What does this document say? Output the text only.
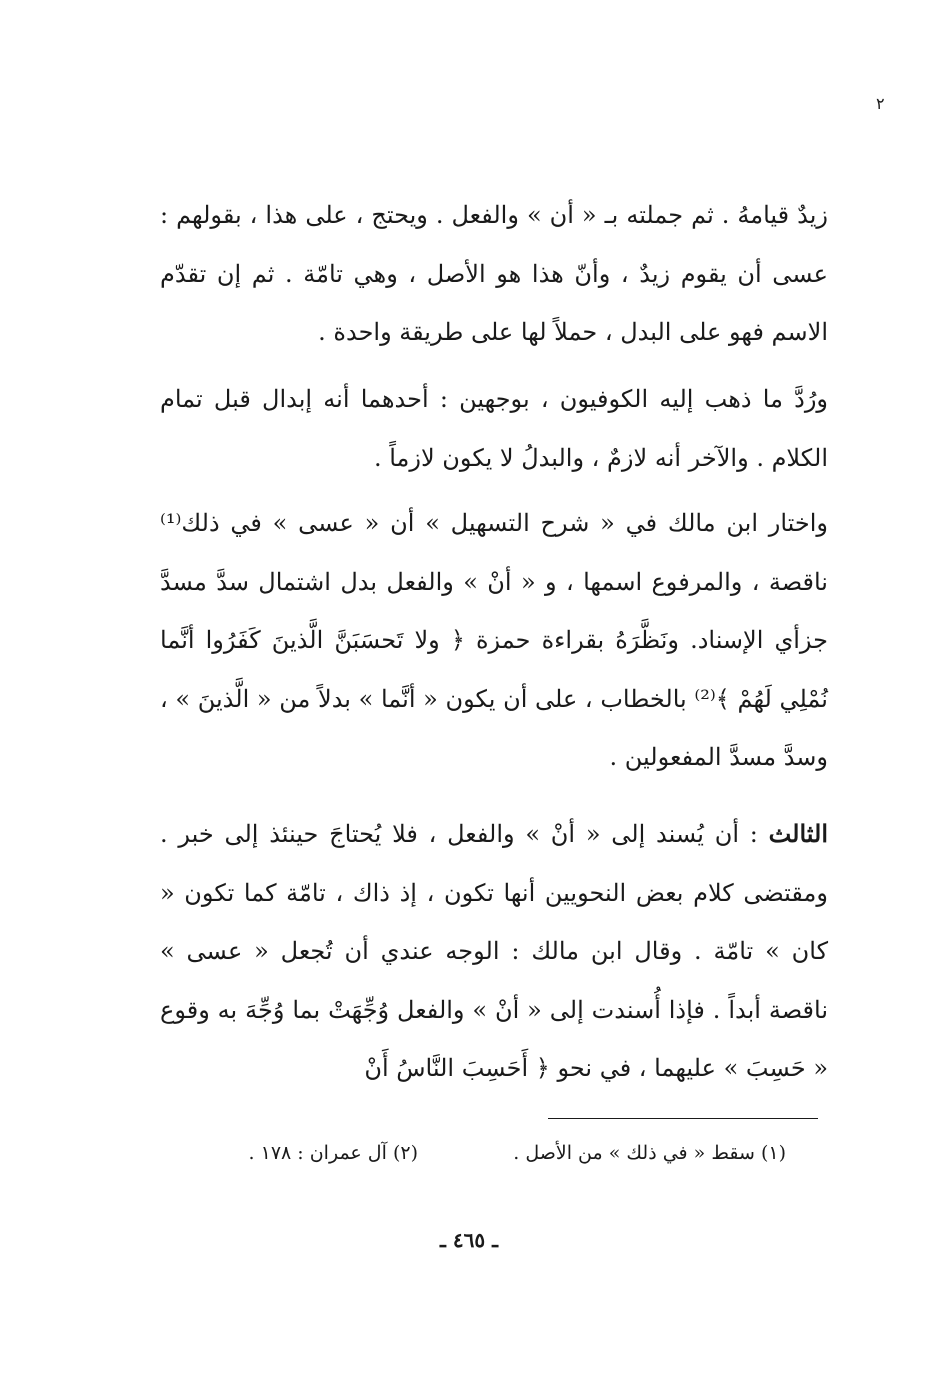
٢

زيدٌ قيامهُ . ثم جملته بـ « أن » والفعل . ويحتج ، على هذا ، بقولهم : عسى أن يقوم زيدٌ ، وأنّ هذا هو الأصل ، وهي تامّة . ثم إن تقدّم الاسم فهو على البدل ، حملاً لها على طريقة واحدة .

ورُدَّ ما ذهب إليه الكوفيون ، بوجهين : أحدهما أنه إبدال قبل تمام الكلام . والآخر أنه لازمٌ ، والبدلُ لا يكون لازماً .

واختار ابن مالك في « شرح التسهيل » أن « عسى » في ذلك⁽¹⁾ ناقصة ، والمرفوع اسمها ، و « أنْ » والفعل بدل اشتمال سدَّ مسدَّ جزأي الإسناد. ونَظَّرَهُ بقراءة حمزة ﴿ ولا تَحسَبَنَّ الَّذينَ كَفَرُوا أنَّما نُمْلِي لَهُمْ ﴾⁽²⁾ بالخطاب ، على أن يكون « أنَّما » بدلاً من « الَّذينَ » ، وسدَّ مسدَّ المفعولين .

الثالث : أن يُسند إلى « أنْ » والفعل ، فلا يُحتاجَ حينئذ إلى خبر . ومقتضى كلام بعض النحويين أنها تكون ، إذ ذاك ، تامّة كما تكون « كان » تامّة . وقال ابن مالك : الوجه عندي أن تُجعل « عسى » ناقصة أبداً . فإذا أُسندت إلى « أنْ » والفعل وُجِّهَتْ بما وُجِّهَ به وقوع « حَسِبَ » عليهما ، في نحو ﴿ أَحَسِبَ النَّاسُ أَنْ

(١) سقط « في ذلك » من الأصل .
(٢) آل عمران : ١٧٨ .
ـ ٤٦٥ ـ
